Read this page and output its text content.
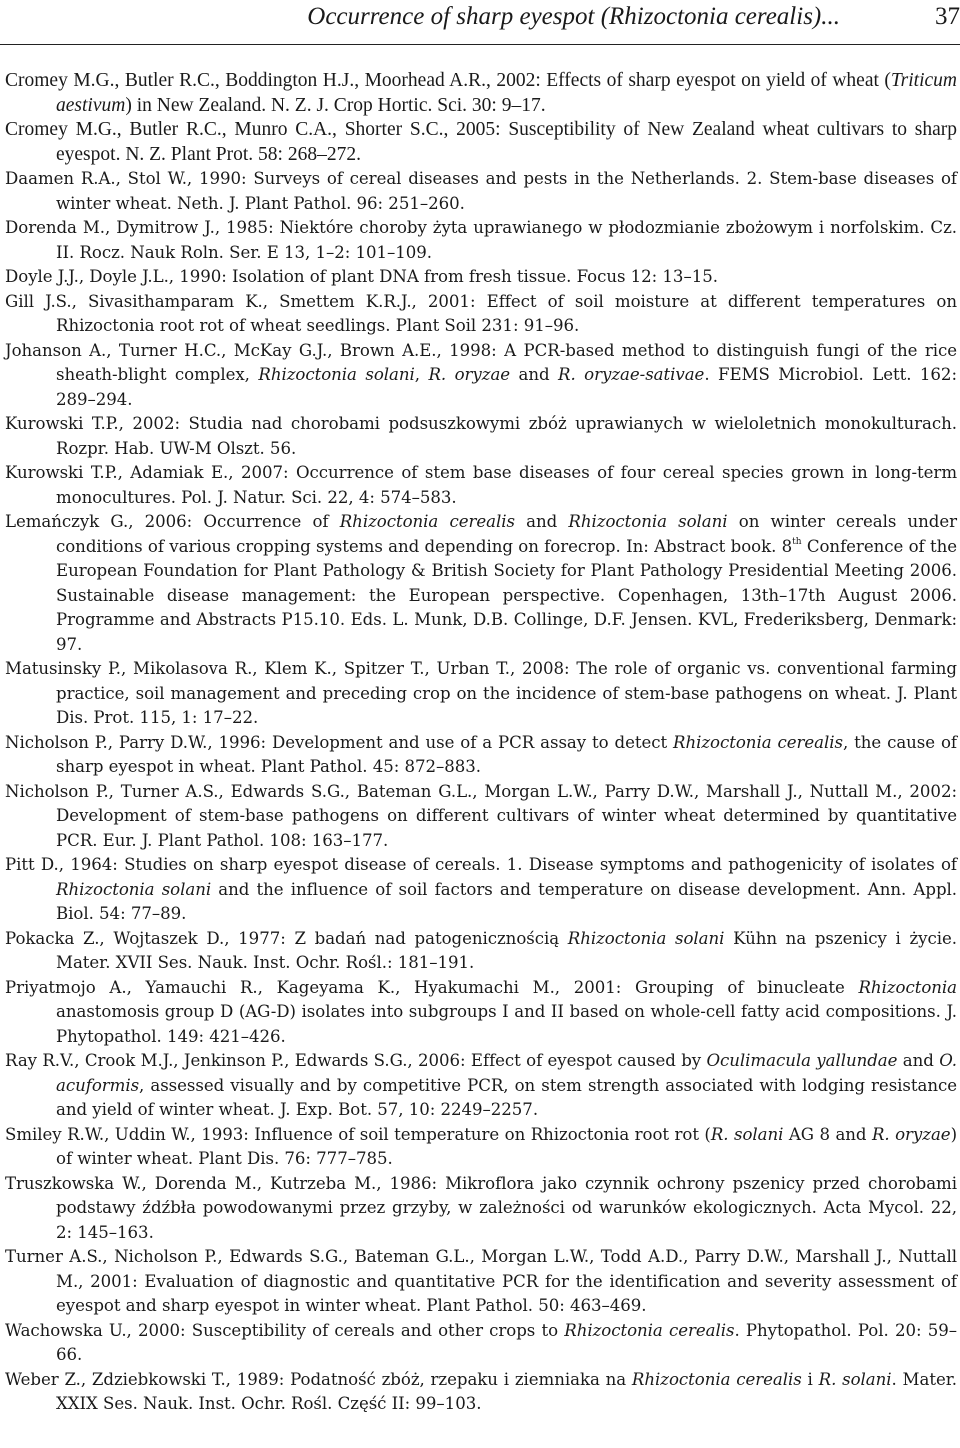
Occurrence of sharp eyespot (Rhizoctonia cerealis)...	37

Cromey M.G., Butler R.C., Boddington H.J., Moorhead A.R., 2002: Effects of sharp eyespot on yield of wheat (Triticum aestivum) in New Zealand. N. Z. J. Crop Hortic. Sci. 30: 9–17.

Cromey M.G., Butler R.C., Munro C.A., Shorter S.C., 2005: Susceptibility of New Zealand wheat cultivars to sharp eyespot. N. Z. Plant Prot. 58: 268–272.

Daamen R.A., Stol W., 1990: Surveys of cereal diseases and pests in the Netherlands. 2. Stem-base diseases of winter wheat. Neth. J. Plant Pathol. 96: 251–260.

Dorenda M., Dymitrow J., 1985: Niektóre choroby żyta uprawianego w płodozmianie zbożowym i norfolskim. Cz. II. Rocz. Nauk Roln. Ser. E 13, 1–2: 101–109.

Doyle J.J., Doyle J.L., 1990: Isolation of plant DNA from fresh tissue. Focus 12: 13–15.

Gill J.S., Sivasithamparam K., Smettem K.R.J., 2001: Effect of soil moisture at different temperatures on Rhizoctonia root rot of wheat seedlings. Plant Soil 231: 91–96.

Johanson A., Turner H.C., McKay G.J., Brown A.E., 1998: A PCR-based method to distinguish fungi of the rice sheath-blight complex, Rhizoctonia solani, R. oryzae and R. oryzae-sativae. FEMS Microbiol. Lett. 162: 289–294.

Kurowski T.P., 2002: Studia nad chorobami podsuszkowymi zbóż uprawianych w wieloletnich monokulturach. Rozpr. Hab. UW-M Olszt. 56.

Kurowski T.P., Adamiak E., 2007: Occurrence of stem base diseases of four cereal species grown in long-term monocultures. Pol. J. Natur. Sci. 22, 4: 574–583.

Lemańczyk G., 2006: Occurrence of Rhizoctonia cerealis and Rhizoctonia solani on winter cereals under conditions of various cropping systems and depending on forecrop. In: Abstract book. 8th Conference of the European Foundation for Plant Pathology & British Society for Plant Pathology Presidential Meeting 2006. Sustainable disease management: the European perspective. Copenhagen, 13th–17th August 2006. Programme and Abstracts P15.10. Eds. L. Munk, D.B. Collinge, D.F. Jensen. KVL, Frederiksberg, Denmark: 97.

Matusinsky P., Mikolasova R., Klem K., Spitzer T., Urban T., 2008: The role of organic vs. conventional farming practice, soil management and preceding crop on the incidence of stem-base pathogens on wheat. J. Plant Dis. Prot. 115, 1: 17–22.

Nicholson P., Parry D.W., 1996: Development and use of a PCR assay to detect Rhizoctonia cerealis, the cause of sharp eyespot in wheat. Plant Pathol. 45: 872–883.

Nicholson P., Turner A.S., Edwards S.G., Bateman G.L., Morgan L.W., Parry D.W., Marshall J., Nuttall M., 2002: Development of stem-base pathogens on different cultivars of winter wheat determined by quantitative PCR. Eur. J. Plant Pathol. 108: 163–177.

Pitt D., 1964: Studies on sharp eyespot disease of cereals. 1. Disease symptoms and pathogenicity of isolates of Rhizoctonia solani and the influence of soil factors and temperature on disease development. Ann. Appl. Biol. 54: 77–89.

Pokacka Z., Wojtaszek D., 1977: Z badań nad patogenicznością Rhizoctonia solani Kühn na pszenicy i życie. Mater. XVII Ses. Nauk. Inst. Ochr. Rośl.: 181–191.

Priyatmojo A., Yamauchi R., Kageyama K., Hyakumachi M., 2001: Grouping of binucleate Rhizoctonia anastomosis group D (AG-D) isolates into subgroups I and II based on whole-cell fatty acid compositions. J. Phytopathol. 149: 421–426.

Ray R.V., Crook M.J., Jenkinson P., Edwards S.G., 2006: Effect of eyespot caused by Oculimacula yallundae and O. acuformis, assessed visually and by competitive PCR, on stem strength associated with lodging resistance and yield of winter wheat. J. Exp. Bot. 57, 10: 2249–2257.

Smiley R.W., Uddin W., 1993: Influence of soil temperature on Rhizoctonia root rot (R. solani AG 8 and R. oryzae) of winter wheat. Plant Dis. 76: 777–785.

Truszkowska W., Dorenda M., Kutrzeba M., 1986: Mikroflora jako czynnik ochrony pszenicy przed chorobami podstawy źdźbła powodowanymi przez grzyby, w zależności od warunków ekologicznych. Acta Mycol. 22, 2: 145–163.

Turner A.S., Nicholson P., Edwards S.G., Bateman G.L., Morgan L.W., Todd A.D., Parry D.W., Marshall J., Nuttall M., 2001: Evaluation of diagnostic and quantitative PCR for the identification and severity assessment of eyespot and sharp eyespot in winter wheat. Plant Pathol. 50: 463–469.

Wachowska U., 2000: Susceptibility of cereals and other crops to Rhizoctonia cerealis. Phytopathol. Pol. 20: 59–66.

Weber Z., Zdziebkowski T., 1989: Podatność zbóż, rzepaku i ziemniaka na Rhizoctonia cerealis i R. solani. Mater. XXIX Ses. Nauk. Inst. Ochr. Rośl. Część II: 99–103.
